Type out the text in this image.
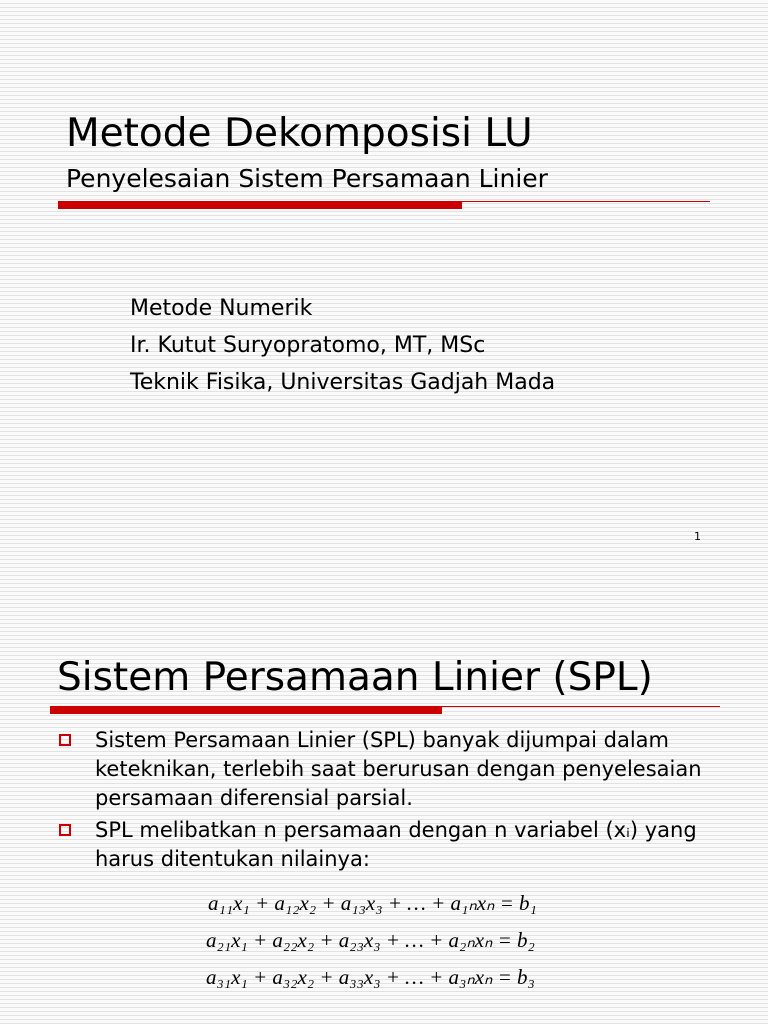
Metode Dekomposisi LU
Penyelesaian Sistem Persamaan Linier
Metode Numerik
Ir. Kutut Suryopratomo, MT, MSc
Teknik Fisika, Universitas Gadjah Mada
1
Sistem Persamaan Linier (SPL)
Sistem Persamaan Linier (SPL) banyak dijumpai dalam keteknikan, terlebih saat berurusan dengan penyelesaian persamaan diferensial parsial.
SPL melibatkan n persamaan dengan n variabel (xᵢ) yang harus ditentukan nilainya:
a₁₁x₁ + a₁₂x₂ + a₁₃x₃ + … + a₁ₙxₙ = b₁
a₂₁x₁ + a₂₂x₂ + a₂₃x₃ + … + a₂ₙxₙ = b₂
a₃₁x₁ + a₃₂x₂ + a₃₃x₃ + … + a₃ₙxₙ = b₃
